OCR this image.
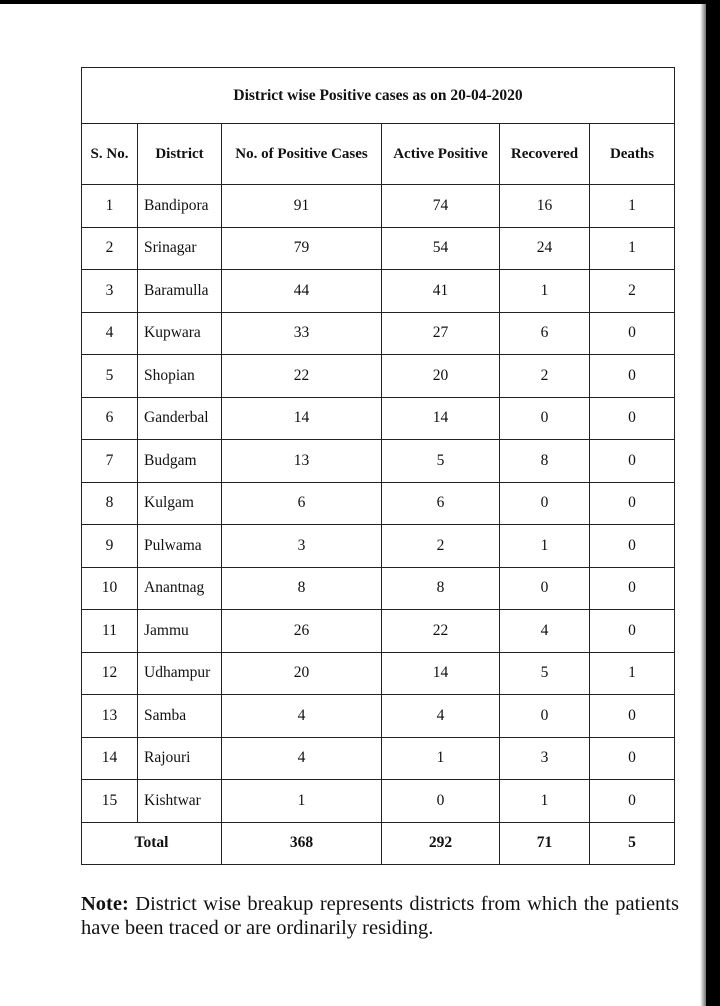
District wise Positive cases as on 20-04-2020					
S. No.	District	No. of Positive Cases	Active Positive	Recovered	Deaths
1	Bandipora	91	74	16	1
2	Srinagar	79	54	24	1
3	Baramulla	44	41	1	2
4	Kupwara	33	27	6	0
5	Shopian	22	20	2	0
6	Ganderbal	14	14	0	0
7	Budgam	13	5	8	0
8	Kulgam	6	6	0	0
9	Pulwama	3	2	1	0
10	Anantnag	8	8	0	0
11	Jammu	26	22	4	0
12	Udhampur	20	14	5	1
13	Samba	4	4	0	0
14	Rajouri	4	1	3	0
15	Kishtwar	1	0	1	0
Total		368	292	71	5
Note: District wise breakup represents districts from which the patients have been traced or are ordinarily residing.
